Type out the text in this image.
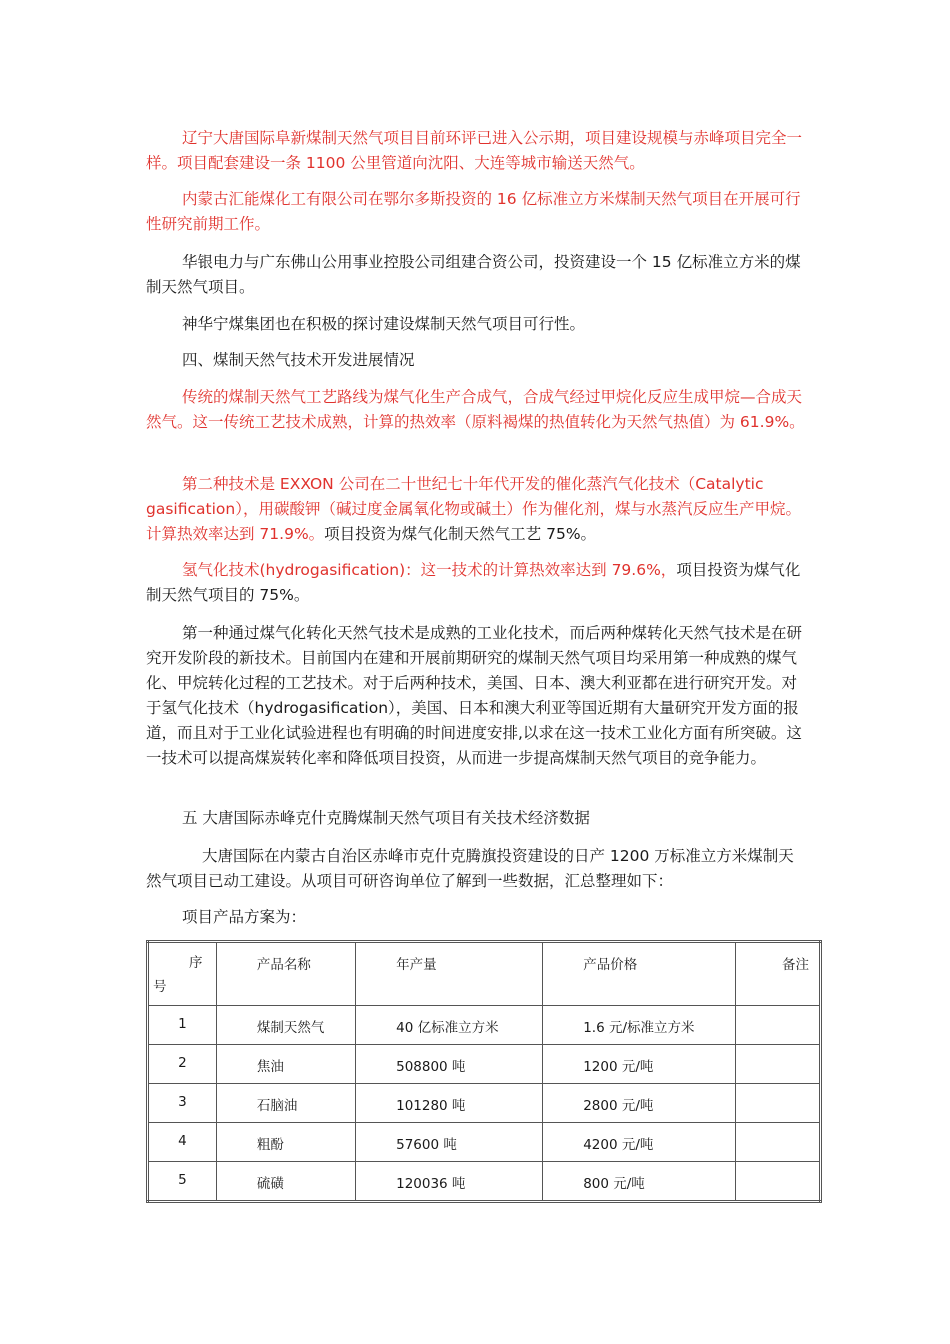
辽宁大唐国际阜新煤制天然气项目目前环评已进入公示期，项目建设规模与赤峰项目完全一样。项目配套建设一条 1100 公里管道向沈阳、大连等城市输送天然气。

内蒙古汇能煤化工有限公司在鄂尔多斯投资的 16 亿标准立方米煤制天然气项目在开展可行性研究前期工作。

华银电力与广东佛山公用事业控股公司组建合资公司，投资建设一个 15 亿标准立方米的煤制天然气项目。

神华宁煤集团也在积极的探讨建设煤制天然气项目可行性。

四、煤制天然气技术开发进展情况

传统的煤制天然气工艺路线为煤气化生产合成气，合成气经过甲烷化反应生成甲烷—合成天然气。这一传统工艺技术成熟，计算的热效率（原料褐煤的热值转化为天然气热值）为 61.9%。

第二种技术是 EXXON 公司在二十世纪七十年代开发的催化蒸汽气化技术（Catalytic gasification），用碳酸钾（碱过度金属氧化物或碱土）作为催化剂，煤与水蒸汽反应生产甲烷。计算热效率达到 71.9%。项目投资为煤气化制天然气工艺 75%。

氢气化技术(hydrogasification)：这一技术的计算热效率达到 79.6%，项目投资为煤气化制天然气项目的 75%。

第一种通过煤气化转化天然气技术是成熟的工业化技术，而后两种煤转化天然气技术是在研究开发阶段的新技术。目前国内在建和开展前期研究的煤制天然气项目均采用第一种成熟的煤气化、甲烷转化过程的工艺技术。对于后两种技术，美国、日本、澳大利亚都在进行研究开发。对于氢气化技术（hydrogasification），美国、日本和澳大利亚等国近期有大量研究开发方面的报道，而且对于工业化试验进程也有明确的时间进度安排,以求在这一技术工业化方面有所突破。这一技术可以提高煤炭转化率和降低项目投资，从而进一步提高煤制天然气项目的竞争能力。

五 大唐国际赤峰克什克腾煤制天然气项目有关技术经济数据

大唐国际在内蒙古自治区赤峰市克什克腾旗投资建设的日产 1200 万标准立方米煤制天然气项目已动工建设。从项目可研咨询单位了解到一些数据，汇总整理如下：

项目产品方案为：

序
号	产品名称	年产量	产品价格	备注

1	煤制天然气	40 亿标准立方米	1.6 元/标准立方米	

2	焦油	508800 吨	1200 元/吨	

3	石脑油	101280 吨	2800 元/吨	

4	粗酚	57600 吨	4200 元/吨	

5	硫磺	120036 吨	800 元/吨	
